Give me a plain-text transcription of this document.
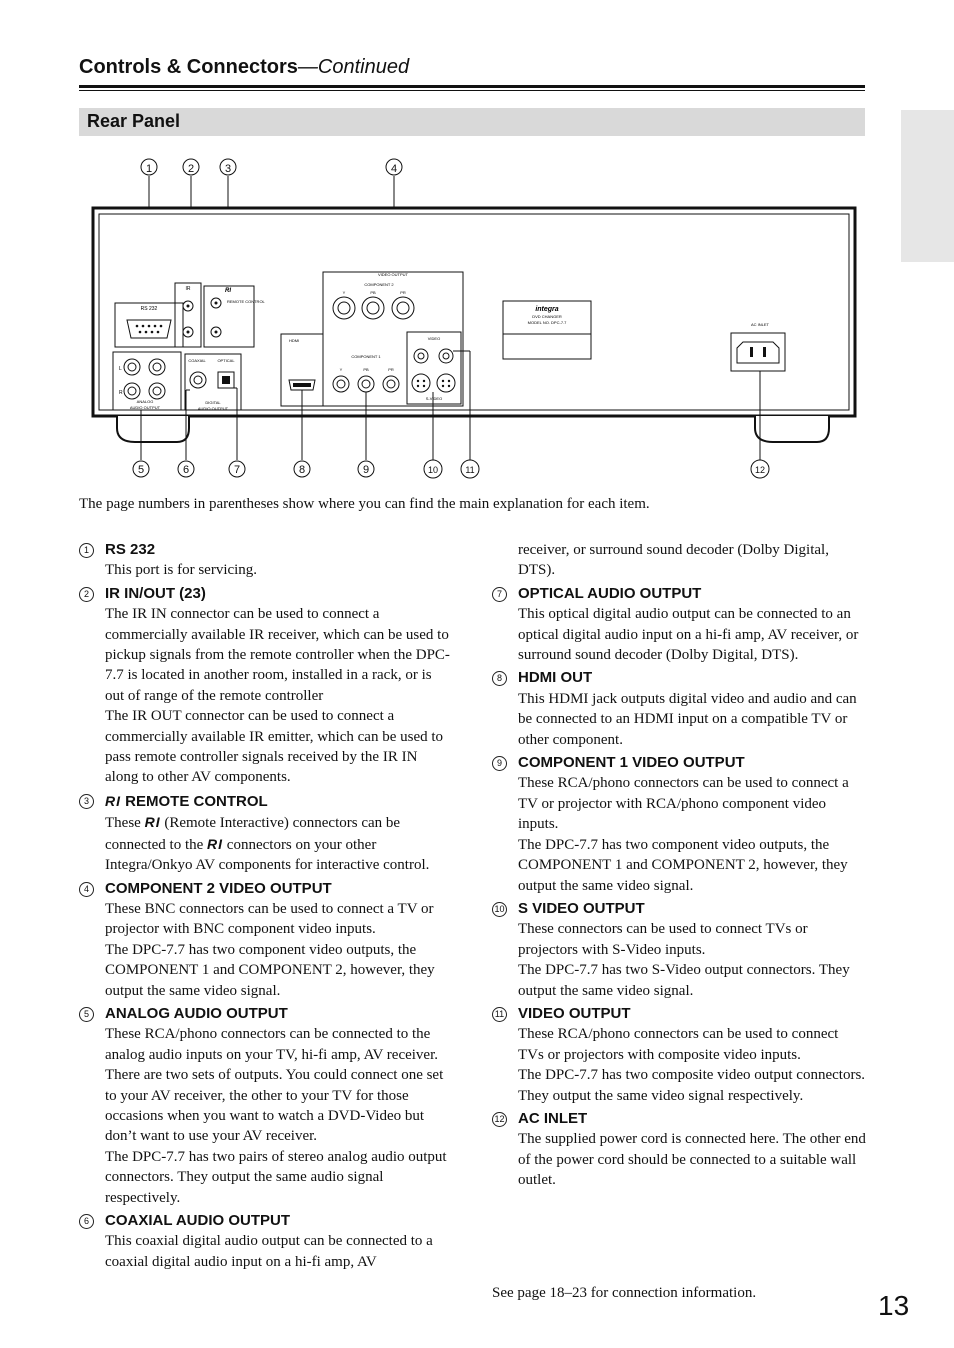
Controls & Connectors—Continued
Rear Panel
1	2	3	4
RS 232
IR	RI
REMOTE CONTROL
L
R
ANALOG
AUDIO OUTPUT
COAXIAL	OPTICAL
DIGITAL
AUDIO OUTPUT
HDMI
VIDEO OUTPUT
COMPONENT 2
Y	PB	PR
COMPONENT 1
Y	PB	PR
VIDEO
S-VIDEO
integra
DVD CHANGER
MODEL NO. DPC-7.7	AC INLET
5	6	7	8	9	10	11	12
The page numbers in parentheses show where you can find the main explanation for each item.
1	RS 232
This port is for servicing.
2	IR IN/OUT (23)
The IR IN connector can be used to connect a commercially available IR receiver, which can be used to pickup signals from the remote controller when the DPC-7.7 is located in another room, installed in a rack, or is out of range of the remote controller
The IR OUT connector can be used to connect a commercially available IR emitter, which can be used to pass remote controller signals received by the IR IN along to other AV components.
3	RI REMOTE CONTROL
These RI (Remote Interactive) connectors can be connected to the RI connectors on your other Integra/Onkyo AV components for interactive control.
4	COMPONENT 2 VIDEO OUTPUT
These BNC connectors can be used to connect a TV or projector with BNC component video inputs.
The DPC-7.7 has two component video outputs, the COMPONENT 1 and COMPONENT 2, however, they output the same video signal.
5	ANALOG AUDIO OUTPUT
These RCA/phono connectors can be connected to the analog audio inputs on your TV, hi-fi amp, AV receiver. There are two sets of outputs. You could connect one set to your AV receiver, the other to your TV for those occasions when you want to watch a DVD-Video but don’t want to use your AV receiver.
The DPC-7.7 has two pairs of stereo analog audio output connectors. They output the same audio signal respectively.
6	COAXIAL AUDIO OUTPUT
This coaxial digital audio output can be connected to a coaxial digital audio input on a hi-fi amp, AV
receiver, or surround sound decoder (Dolby Digital, DTS).
7	OPTICAL AUDIO OUTPUT
This optical digital audio output can be connected to an optical digital audio input on a hi-fi amp, AV receiver, or surround sound decoder (Dolby Digital, DTS).
8	HDMI OUT
This HDMI jack outputs digital video and audio and can be connected to an HDMI input on a compatible TV or other component.
9	COMPONENT 1 VIDEO OUTPUT
These RCA/phono connectors can be used to connect a TV or projector with RCA/phono component video inputs.
The DPC-7.7 has two component video outputs, the COMPONENT 1 and COMPONENT 2, however, they output the same video signal.
10 S VIDEO OUTPUT
These connectors can be used to connect TVs or projectors with S-Video inputs.
The DPC-7.7 has two S-Video output connectors. They output the same video signal.
11 VIDEO OUTPUT
These RCA/phono connectors can be used to connect TVs or projectors with composite video inputs.
The DPC-7.7 has two composite video output connectors. They output the same video signal respectively.
12 AC INLET
The supplied power cord is connected here. The other end of the power cord should be connected to a suitable wall outlet.
See page 18–23 for connection information.	13
